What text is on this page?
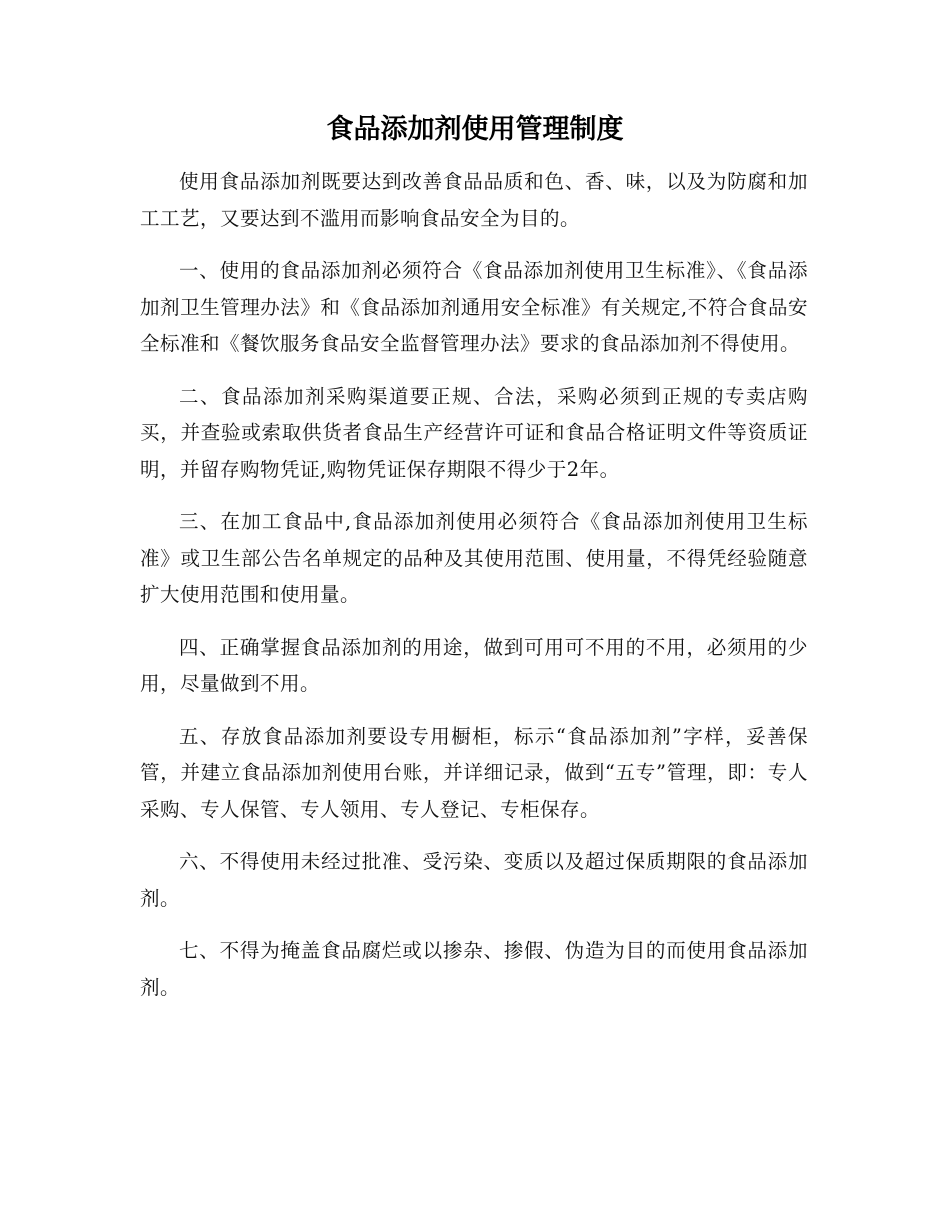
食品添加剂使用管理制度

使用食品添加剂既要达到改善食品品质和色、香、味，以及为防腐和加工工艺，又要达到不滥用而影响食品安全为目的。

一、使用的食品添加剂必须符合《食品添加剂使用卫生标准》、《食品添加剂卫生管理办法》和《食品添加剂通用安全标准》有关规定,不符合食品安全标准和《餐饮服务食品安全监督管理办法》要求的食品添加剂不得使用。

二、食品添加剂采购渠道要正规、合法，采购必须到正规的专卖店购买，并查验或索取供货者食品生产经营许可证和食品合格证明文件等资质证明，并留存购物凭证,购物凭证保存期限不得少于2年。

三、在加工食品中,食品添加剂使用必须符合《食品添加剂使用卫生标准》或卫生部公告名单规定的品种及其使用范围、使用量，不得凭经验随意扩大使用范围和使用量。

四、正确掌握食品添加剂的用途，做到可用可不用的不用，必须用的少用，尽量做到不用。

五、存放食品添加剂要设专用橱柜，标示“食品添加剂”字样，妥善保管，并建立食品添加剂使用台账，并详细记录，做到“五专”管理，即：专人采购、专人保管、专人领用、专人登记、专柜保存。

六、不得使用未经过批准、受污染、变质以及超过保质期限的食品添加剂。

七、不得为掩盖食品腐烂或以掺杂、掺假、伪造为目的而使用食品添加剂。
